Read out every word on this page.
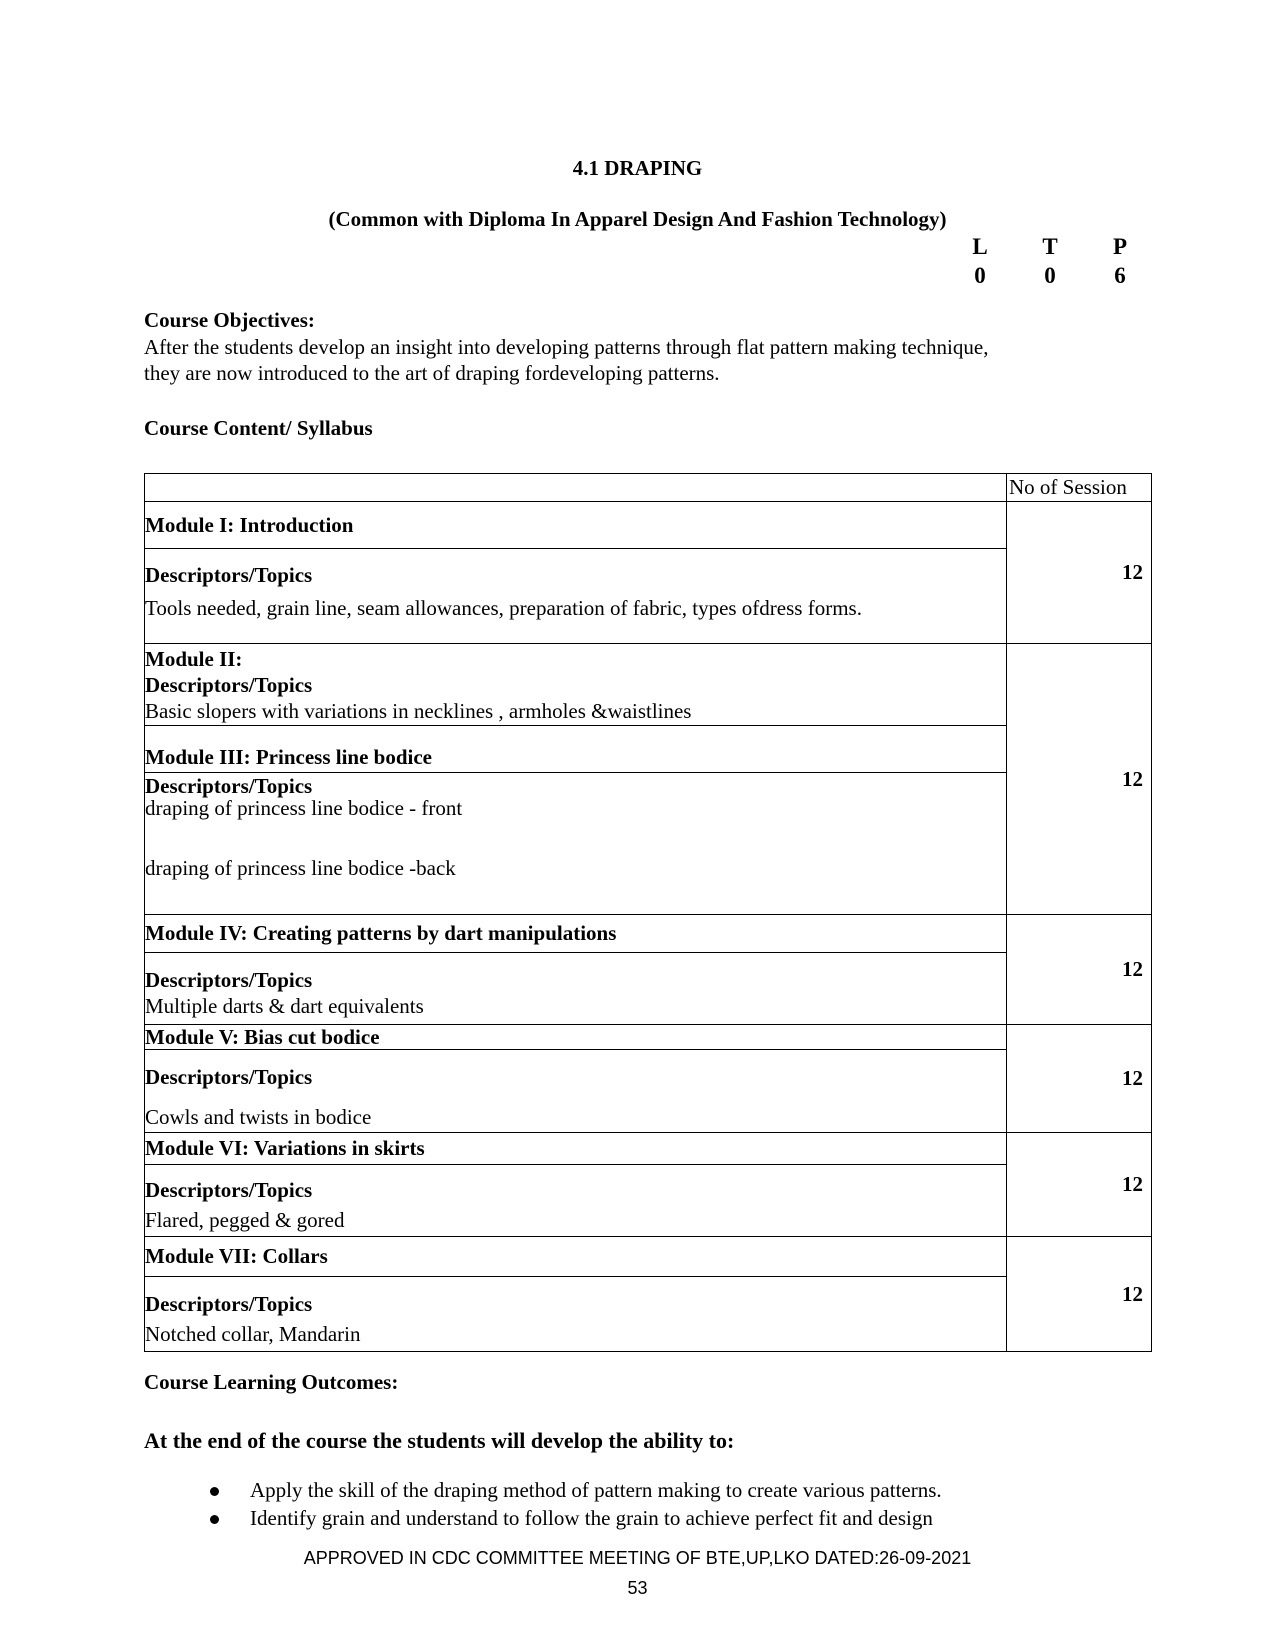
4.1 DRAPING
(Common with Diploma In Apparel Design And Fashion Technology)
L	T	P
0	0	6
Course Objectives:
After the students develop an insight into developing patterns through flat pattern making technique,
they are now introduced to the art of draping fordeveloping patterns.
Course Content/ Syllabus
	No of Session
Module I: Introduction	12

Descriptors/Topics
Tools needed, grain line, seam allowances, preparation of fabric, types ofdress forms.	

Module II:
Descriptors/Topics
Basic slopers with variations in necklines , armholes &waistlines	12

Module III: Princess line bodice	

Descriptors/Topics
draping of princess line bodice - front
draping of princess line bodice -back	

Module IV: Creating patterns by dart manipulations	12

Descriptors/Topics
Multiple darts & dart equivalents	

Module V: Bias cut bodice	12

Descriptors/Topics
Cowls and twists in bodice	

Module VI: Variations in skirts	12

Descriptors/Topics
Flared, pegged & gored	

Module VII: Collars	12

Descriptors/Topics
Notched collar, Mandarin	
Course Learning Outcomes:
At the end of the course the students will develop the ability to:
Apply the skill of the draping method of pattern making to create various patterns.
Identify grain and understand to follow the grain to achieve perfect fit and design
APPROVED IN CDC COMMITTEE MEETING OF BTE,UP,LKO DATED:26-09-2021
53
